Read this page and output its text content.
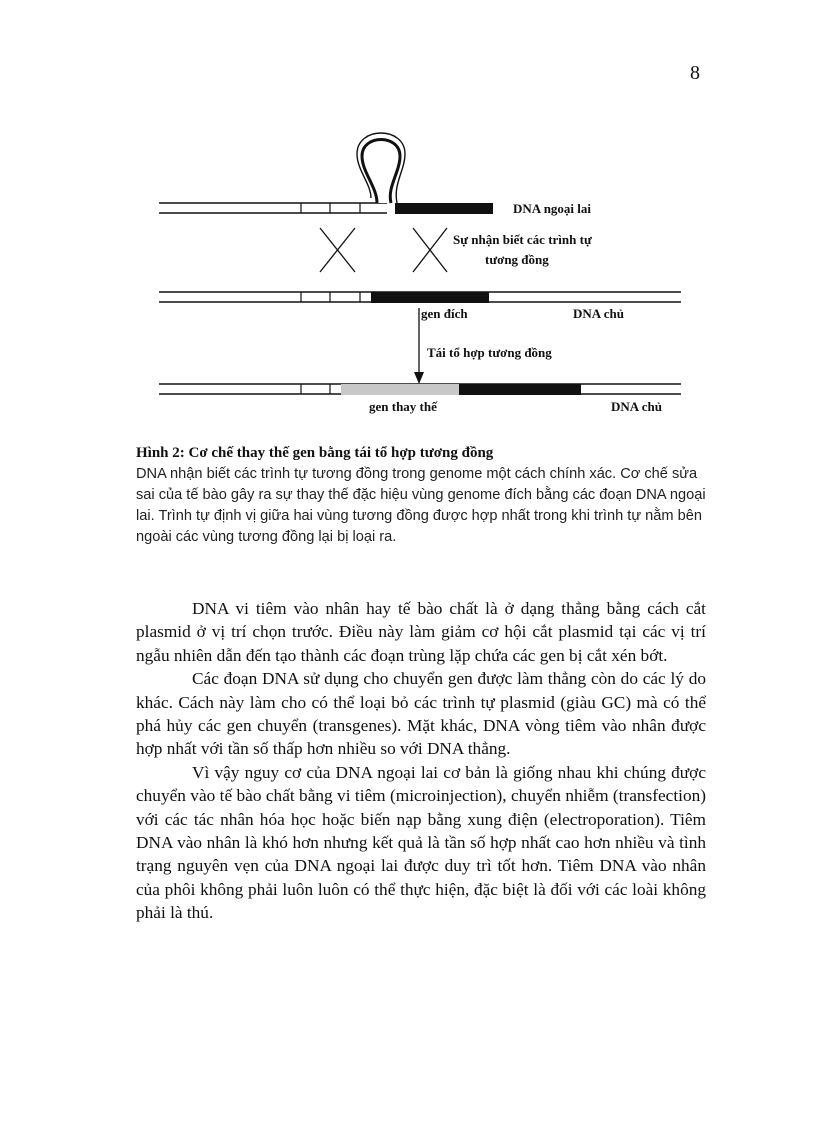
8
DNA ngoại lai
Sự nhận biết các trình tự
tương đồng
gen đích	DNA chủ
Tái tổ hợp tương đồng
gen thay thế	DNA chủ
Hình 2: Cơ chế thay thế gen bằng tái tổ hợp tương đồng
DNA nhận biết các trình tự tương đồng trong genome một cách chính xác. Cơ chế sửa sai của tế bào gây ra sự thay thế đặc hiệu vùng genome đích bằng các đoạn DNA ngoại lai. Trình tự định vị giữa hai vùng tương đồng được hợp nhất trong khi trình tự nằm bên ngoài các vùng tương đồng lại bị loại ra.

DNA vi tiêm vào nhân hay tế bào chất là ở dạng thẳng bằng cách cắt plasmid ở vị trí chọn trước. Điều này làm giảm cơ hội cắt plasmid tại các vị trí ngẫu nhiên dẫn đến tạo thành các đoạn trùng lặp chứa các gen bị cắt xén bớt.

Các đoạn DNA sử dụng cho chuyển gen được làm thẳng còn do các lý do khác. Cách này làm cho có thể loại bỏ các trình tự plasmid (giàu GC) mà có thể phá hủy các gen chuyển (transgenes). Mặt khác, DNA vòng tiêm vào nhân được hợp nhất với tần số thấp hơn nhiều so với DNA thẳng.

Vì vậy nguy cơ của DNA ngoại lai cơ bản là giống nhau khi chúng được chuyển vào tế bào chất bằng vi tiêm (microinjection), chuyển nhiễm (transfection) với các tác nhân hóa học hoặc biến nạp bằng xung điện (electroporation). Tiêm DNA vào nhân là khó hơn nhưng kết quả là tần số hợp nhất cao hơn nhiều và tình trạng nguyên vẹn của DNA ngoại lai được duy trì tốt hơn. Tiêm DNA vào nhân của phôi không phải luôn luôn có thể thực hiện, đặc biệt là đối với các loài không phải là thú.
